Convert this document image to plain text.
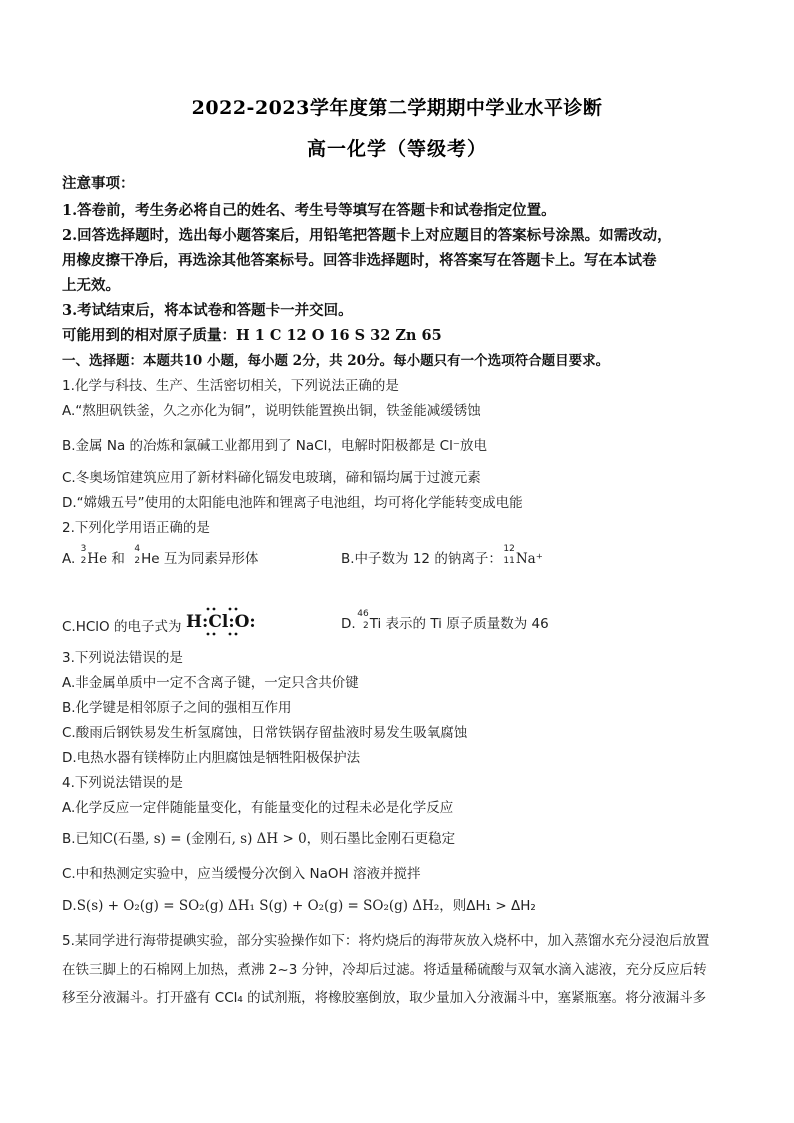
2022-2023学年度第二学期期中学业水平诊断
高一化学（等级考）
注意事项：
1.答卷前，考生务必将自己的姓名、考生号等填写在答题卡和试卷指定位置。
2.回答选择题时，选出每小题答案后，用铅笔把答题卡上对应题目的答案标号涂黑。如需改动，
用橡皮擦干净后，再选涂其他答案标号。回答非选择题时，将答案写在答题卡上。写在本试卷
上无效。
3.考试结束后，将本试卷和答题卡一并交回。
可能用到的相对原子质量：H 1 C 12 O 16 S 32 Zn 65
一、选择题：本题共10 小题，每小题 2分，共 20分。每小题只有一个选项符合题目要求。
1.化学与科技、生产、生活密切相关，下列说法正确的是
A.“熬胆矾铁釜，久之亦化为铜”，说明铁能置换出铜，铁釜能减缓锈蚀
B.金属 Na 的冶炼和氯碱工业都用到了 NaCl，电解时阳极都是 Cl⁻放电
C.冬奥场馆建筑应用了新材料碲化镉发电玻璃，碲和镉均属于过渡元素
D.“嫦娥五号”使用的太阳能电池阵和锂离子电池组，均可将化学能转变成电能
2.下列化学用语正确的是
A.
3
2 He 和
4
2 He 互为同素异形体	B.中子数为 12 的钠离子：
12
11 Na⁺
C.HClO 的电子式为 H:Cl:O:	D.
46
2 Ti 表示的 Ti 原子质量数为 46
3.下列说法错误的是
A.非金属单质中一定不含离子键，一定只含共价键
B.化学键是相邻原子之间的强相互作用
C.酸雨后钢铁易发生析氢腐蚀，日常铁锅存留盐液时易发生吸氧腐蚀
D.电热水器有镁棒防止内胆腐蚀是牺牲阳极保护法
4.下列说法错误的是
A.化学反应一定伴随能量变化，有能量变化的过程未必是化学反应
B.已知C(石墨, s) = (金刚石, s) ΔH > 0，则石墨比金刚石更稳定
C.中和热测定实验中，应当缓慢分次倒入 NaOH 溶液并搅拌
D.S(s) + O₂(g) = SO₂(g) ΔH₁ S(g) + O₂(g) = SO₂(g) ΔH₂，则ΔH₁ > ΔH₂
5.某同学进行海带提碘实验，部分实验操作如下：将灼烧后的海带灰放入烧杯中，加入蒸馏水充分浸泡后放置
在铁三脚上的石棉网上加热，煮沸 2~3 分钟，冷却后过滤。将适量稀硫酸与双氧水滴入滤液，充分反应后转
移至分液漏斗。打开盛有 CCl₄ 的试剂瓶，将橡胶塞倒放，取少量加入分液漏斗中，塞紧瓶塞。将分液漏斗多
